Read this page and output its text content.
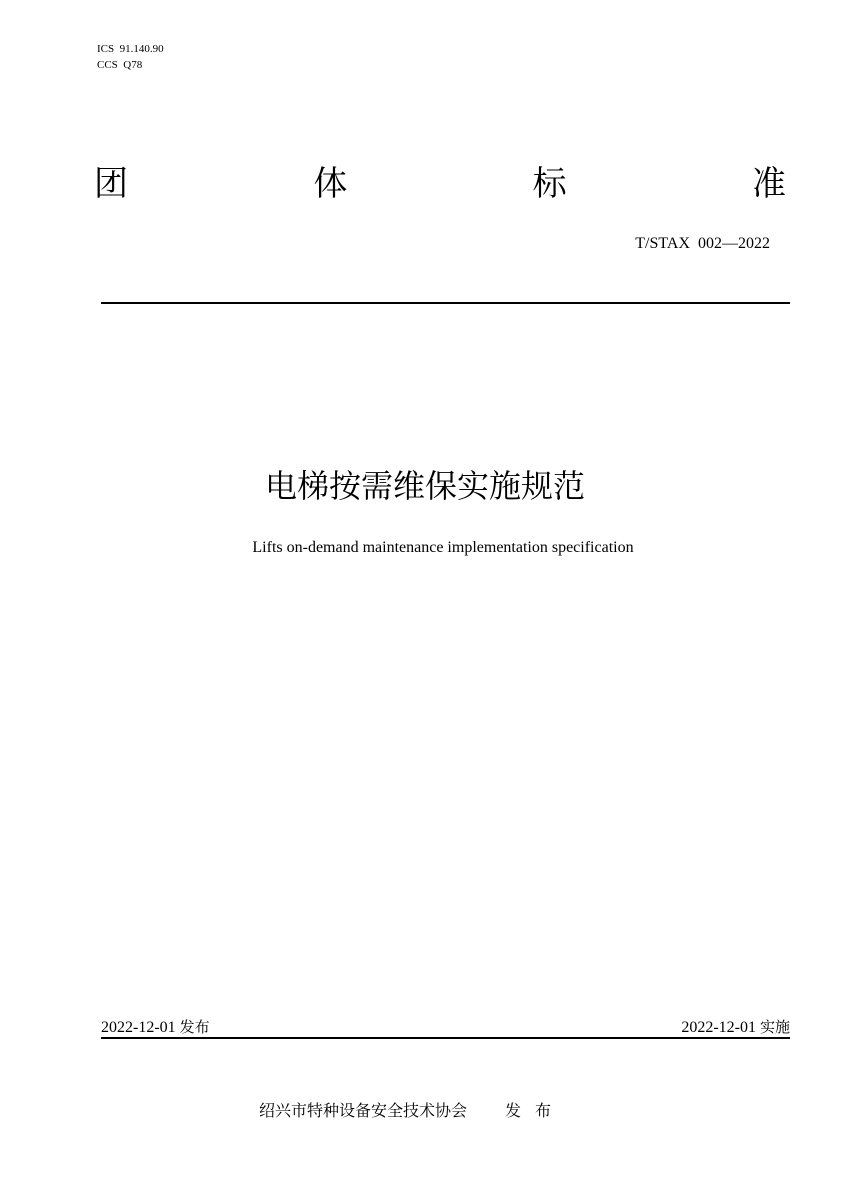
ICS  91.140.90
CCS  Q78
团	体	标	准
T/STAX  002—2022
电梯按需维保实施规范
Lifts on-demand maintenance implementation specification
2022-12-01 发布	2022-12-01 实施
绍兴市特种设备安全技术协会 发布
